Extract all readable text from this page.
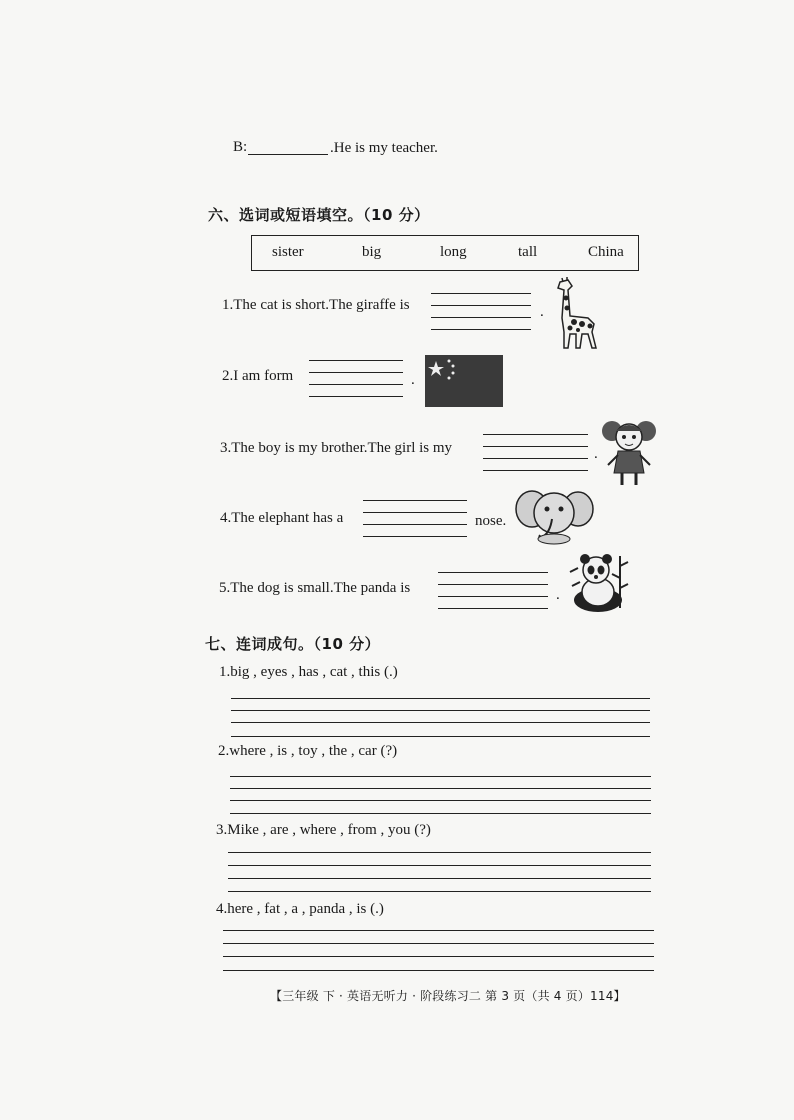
B:	.He is my teacher.
六、选词或短语填空。（10 分）
sister	big	long	tall	China
1.The cat is short.The giraffe is	.
2.I am form	.
3.The boy is my brother.The girl is my	.
4.The elephant has a	nose.
5.The dog is small.The panda is	.
七、连词成句。（10 分）
1.big , eyes , has , cat , this (.)
2.where , is , toy , the , car (?)
3.Mike , are , where , from , you (?)
4.here , fat , a , panda , is (.)
【三年级 下 · 英语无听力 · 阶段练习二 第 3 页（共 4 页）114】
